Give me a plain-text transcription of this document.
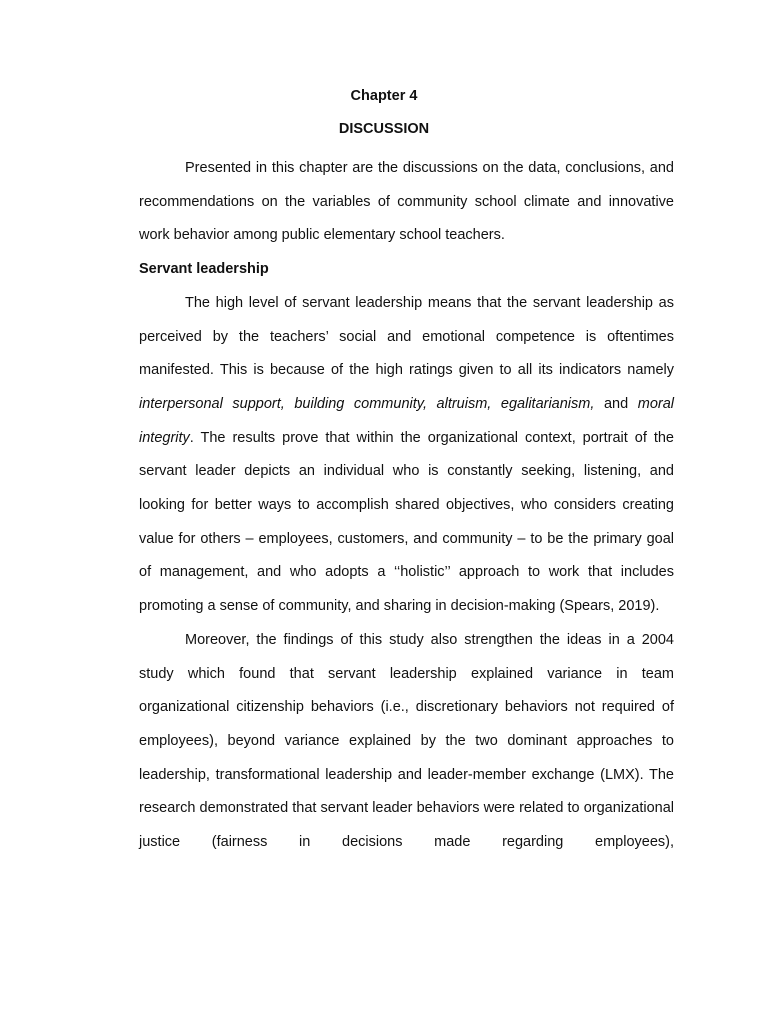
Chapter 4
DISCUSSION

Presented in this chapter are the discussions on the data, conclusions, and recommendations on the variables of community school climate and innovative work behavior among public elementary school teachers.

Servant leadership

The high level of servant leadership means that the servant leadership as perceived by the teachers’ social and emotional competence is oftentimes manifested. This is because of the high ratings given to all its indicators namely interpersonal support, building community, altruism, egalitarianism, and moral integrity. The results prove that within the organizational context, portrait of the servant leader depicts an individual who is constantly seeking, listening, and looking for better ways to accomplish shared objectives, who considers creating value for others – employees, customers, and community – to be the primary goal of management, and who adopts a ‘‘holistic’’ approach to work that includes promoting a sense of community, and sharing in decision-making (Spears, 2019).

Moreover, the findings of this study also strengthen the ideas in a 2004 study which found that servant leadership explained variance in team organizational citizenship behaviors (i.e., discretionary behaviors not required of employees), beyond variance explained by the two dominant approaches to leadership, transformational leadership and leader-member exchange (LMX). The research demonstrated that servant leader behaviors were related to organizational justice (fairness in decisions made regarding employees),
